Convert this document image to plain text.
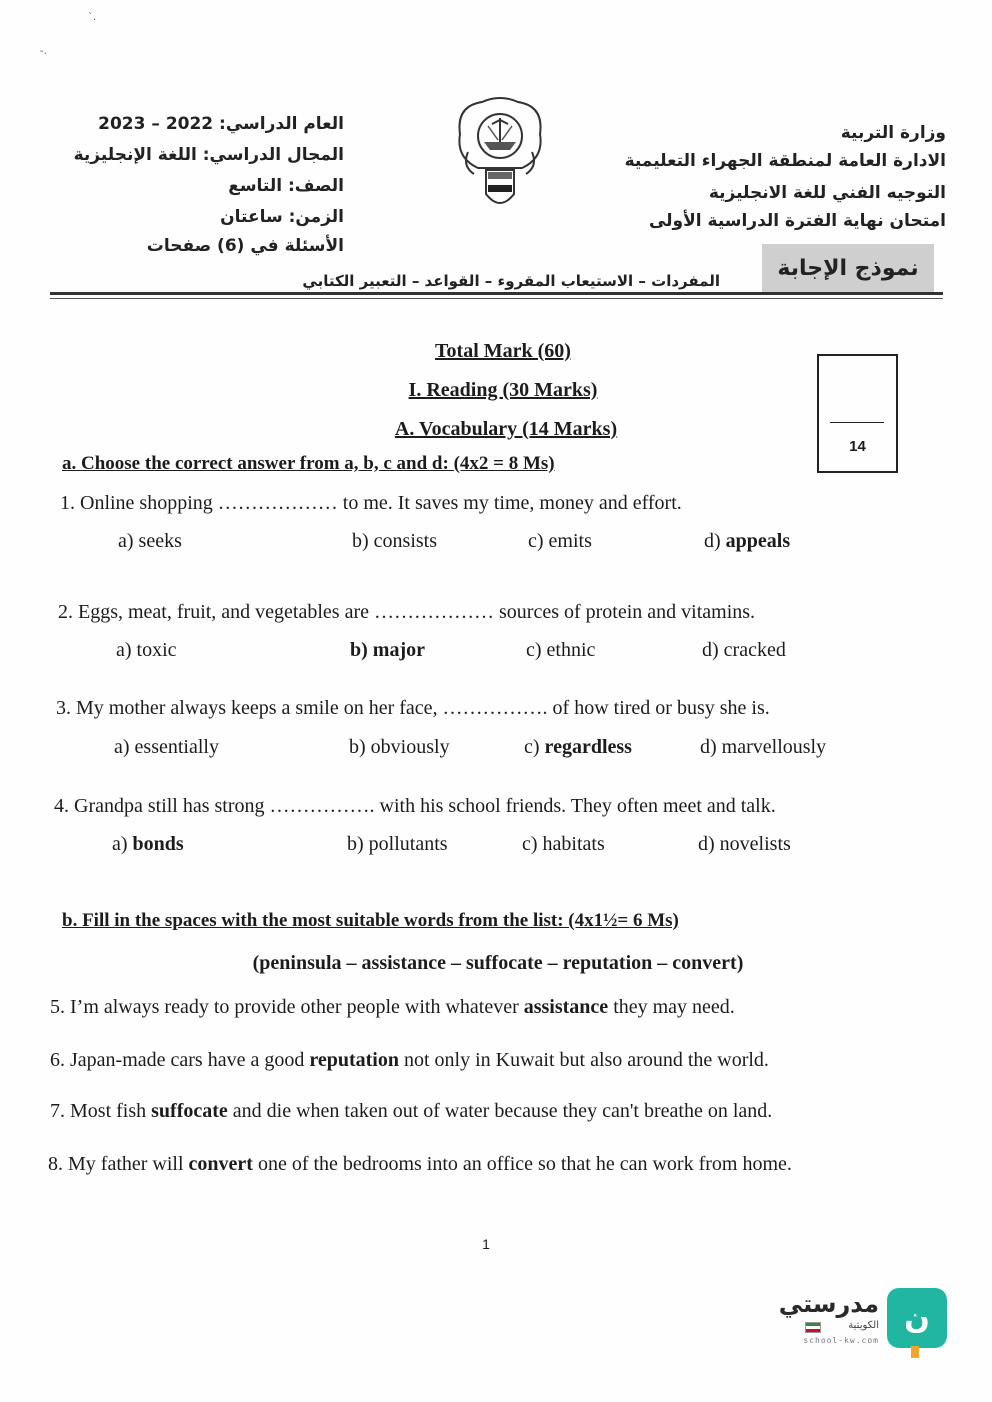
`.
-.
وزارة التربية
الادارة العامة لمنطقة الجهراء التعليمية
التوجيه الفني للغة الانجليزية
امتحان نهاية الفترة الدراسية الأولى
العام الدراسي: 2022 – 2023
المجال الدراسي: اللغة الإنجليزية
الصف: التاسع
الزمن: ساعتان
الأسئلة في (6) صفحات
نموذج الإجابة
المفردات – الاستيعاب المقروء – القواعد – التعبير الكتابي
Total Mark (60)
I. Reading (30 Marks)
A. Vocabulary (14 Marks)
14
a. Choose the correct answer from a, b, c and d: (4x2 = 8 Ms)
1. Online shopping ……………… to me. It saves my time, money and effort.
a) seeks	b) consists	c) emits	d) appeals
2. Eggs, meat, fruit, and vegetables are ……………… sources of protein and vitamins.
a) toxic	b) major	c) ethnic	d) cracked
3. My mother always keeps a smile on her face, ……………. of how tired or busy she is.
a) essentially	b) obviously	c) regardless	d) marvellously
4. Grandpa still has strong ……………. with his school friends. They often meet and talk.
a) bonds	b) pollutants	c) habitats	d) novelists
b. Fill in the spaces with the most suitable words from the list: (4x1½= 6 Ms)
(peninsula – assistance – suffocate – reputation – convert)
5. I’m always ready to provide other people with whatever assistance they may need.
6. Japan-made cars have a good reputation not only in Kuwait but also around the world.
7. Most fish suffocate and die when taken out of water because they can't breathe on land.
8. My father will convert one of the bedrooms into an office so that he can work from home.
1
ن
مدرستي
الكويتية
school-kw.com
